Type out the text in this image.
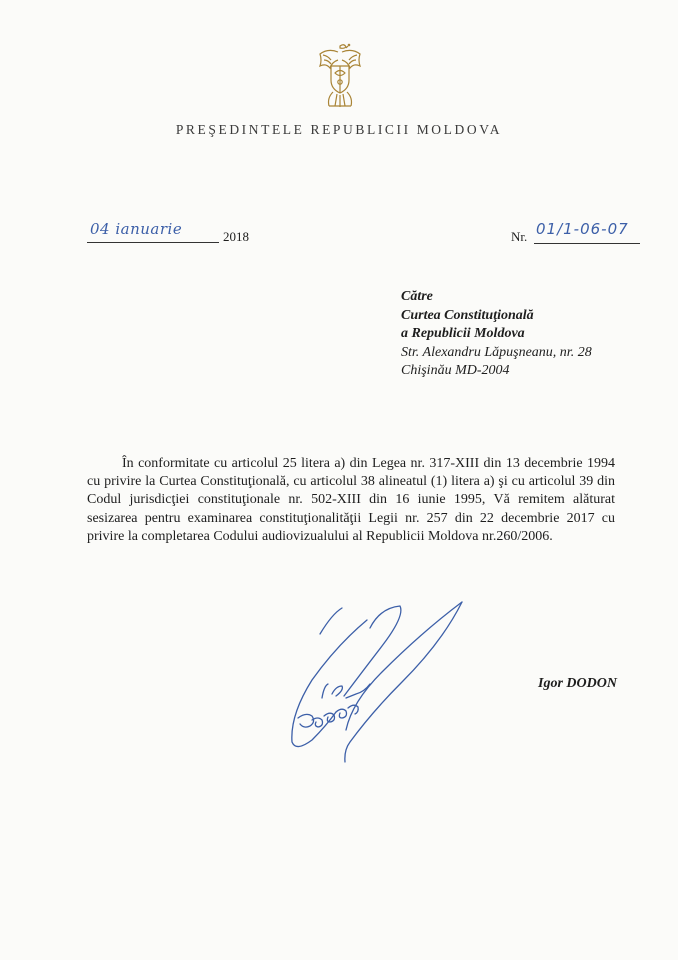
PREŞEDINTELE REPUBLICII MOLDOVA
04 ianuarie	2018	Nr. 01/1-06-07
Către
Curtea Constituţională
a Republicii Moldova
Str. Alexandru Lăpuşneanu, nr. 28
Chişinău MD-2004

În conformitate cu articolul 25 litera a) din Legea nr. 317-XIII din 13 decembrie 1994 cu privire la Curtea Constituţională, cu articolul 38 alineatul (1) litera a) şi cu articolul 39 din Codul jurisdicţiei constituţionale nr. 502-XIII din 16 iunie 1995, Vă remitem alăturat sesizarea pentru examinarea constituţionalităţii Legii nr. 257 din 22 decembrie 2017 cu privire la completarea Codului audiovizualului al Republicii Moldova nr.260/2006.

Igor DODON
